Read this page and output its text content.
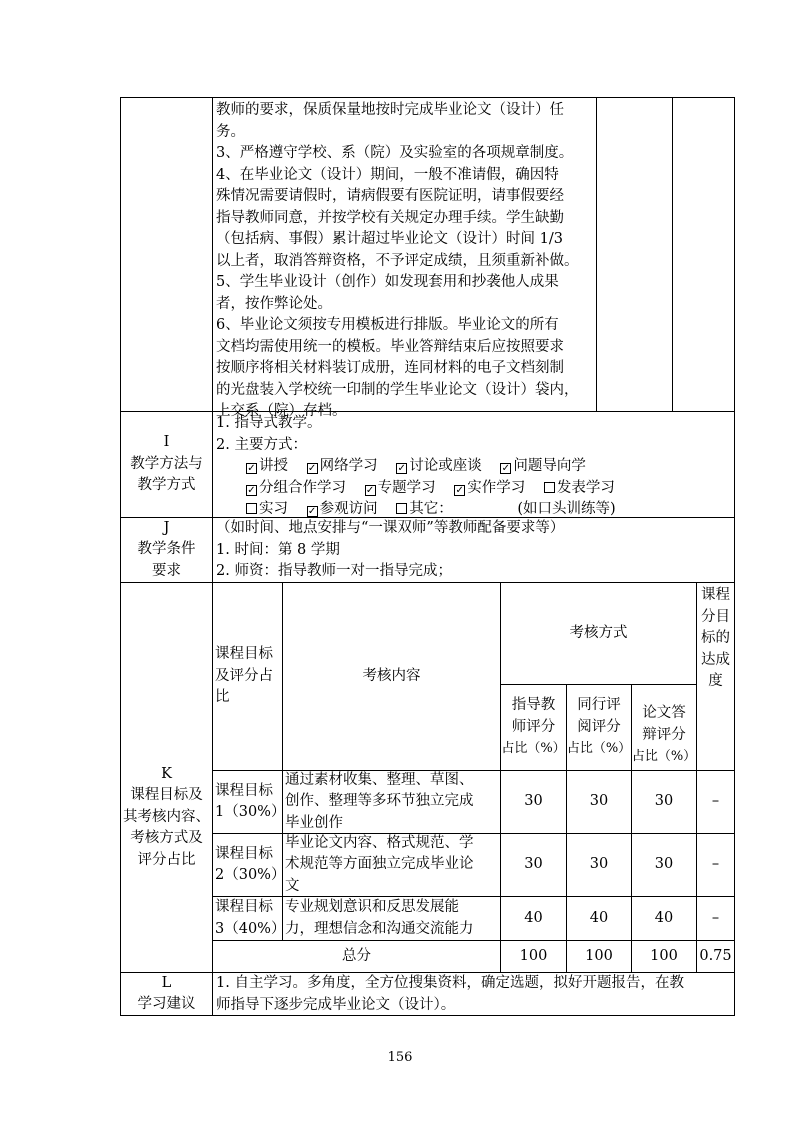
教师的要求，保质保量地按时完成毕业论文（设计）任
务。
3、严格遵守学校、系（院）及实验室的各项规章制度。
4、在毕业论文（设计）期间，一般不准请假，确因特
殊情况需要请假时，请病假要有医院证明，请事假要经
指导教师同意，并按学校有关规定办理手续。学生缺勤
（包括病、事假）累计超过毕业论文（设计）时间 1/3
以上者，取消答辩资格，不予评定成绩，且须重新补做。
5、学生毕业设计（创作）如发现套用和抄袭他人成果
者，按作弊论处。
6、毕业论文须按专用模板进行排版。毕业论文的所有
文档均需使用统一的模板。毕业答辩结束后应按照要求
按顺序将相关材料装订成册，连同材料的电子文档刻制
的光盘装入学校统一印制的学生毕业论文（设计）袋内，
上交系（院）存档。
I
教学方法与
教学方式
1. 指导式教学。
2. 主要方式：
✓ 讲授 ✓ 网络学习 ✓ 讨论或座谈 ✓ 问题导向学
✓ 分组合作学习 ✓ 专题学习 ✓ 实作学习 发表学习
实习 ✓ 参观访问 其它：	(如口头训练等)
J
教学条件
要求
（如时间、地点安排与“一课双师”等教师配备要求等）
1. 时间：第 8 学期
2. 师资：指导教师一对一指导完成；
K
课程目标及
其考核内容、
考核方式及
评分占比
课程目标
及评分占
比
考核内容
考核方式
课程
分目
标的
达成
度
指导教
师评分
占比（%）
同行评
阅评分
占比（%）
论文答
辩评分
占比（%）
课程目标
1（30%）
通过素材收集、整理、草图、
创作、整理等多环节独立完成
毕业创作
30	30	30	–
课程目标
2（30%）
毕业论文内容、格式规范、学
术规范等方面独立完成毕业论
文
30	30	30	–
课程目标
3（40%）
专业规划意识和反思发展能
力，理想信念和沟通交流能力
40	40	40	–
总分	100	100	100	0.75
L
学习建议
1. 自主学习。多角度，全方位搜集资料，确定选题，拟好开题报告，在教
师指导下逐步完成毕业论文（设计）。
156
